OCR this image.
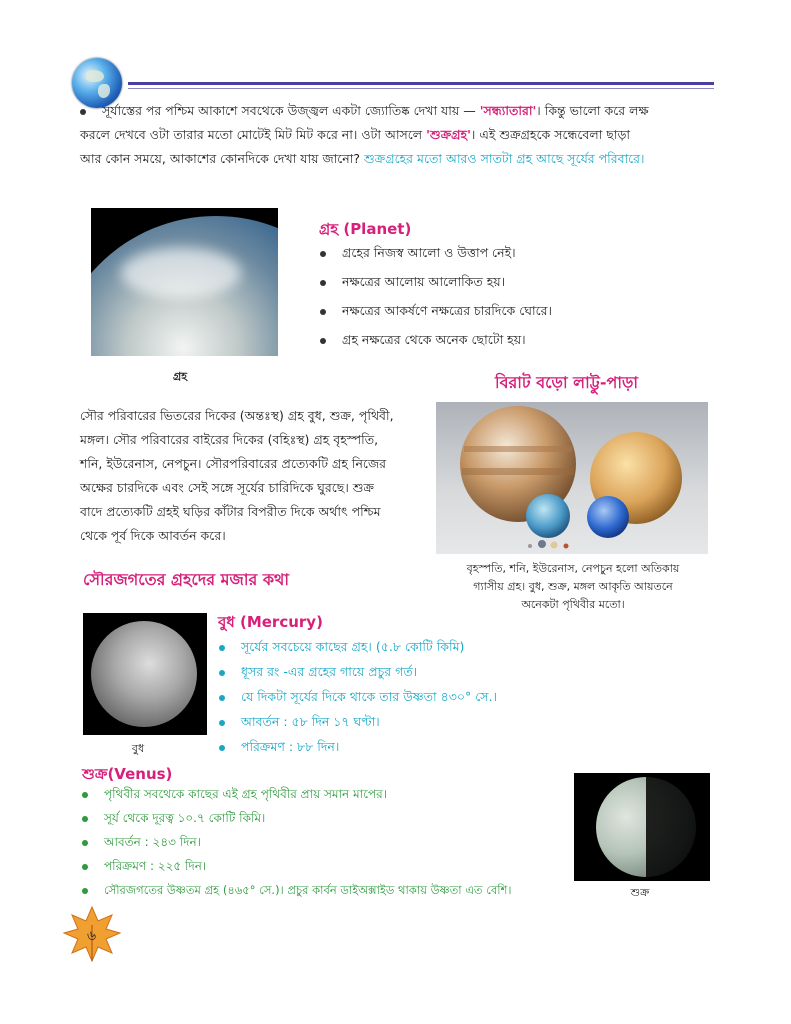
সূর্যাস্তের পর পশ্চিম আকাশে সবথেকে উজ্জ্বল একটা জ্যোতিষ্ক দেখা যায় — 'সন্ধ্যাতারা'। কিন্তু ভালো করে লক্ষ
করলে দেখবে ওটা তারার মতো মোটেই মিট মিট করে না। ওটা আসলে 'শুক্রগ্রহ'। এই শুক্রগ্রহকে সন্ধেবেলা ছাড়া
আর কোন সময়ে, আকাশের কোনদিকে দেখা যায় জানো? শুক্রগ্রহের মতো আরও সাতটা গ্রহ আছে সূর্যের পরিবারে।
গ্রহ
গ্রহ (Planet)
গ্রহের নিজস্ব আলো ও উত্তাপ নেই।
নক্ষত্রের আলোয় আলোকিত হয়।
নক্ষত্রের আকর্ষণে নক্ষত্রের চারদিকে ঘোরে।
গ্রহ নক্ষত্রের থেকে অনেক ছোটো হয়।
বিরাট বড়ো লাট্টু-পাড়া
সৌর পরিবারের ভিতরের দিকের (অন্তঃস্থ) গ্রহ বুধ, শুক্র, পৃথিবী,
মঙ্গল। সৌর পরিবারের বাইরের দিকের (বহিঃস্থ) গ্রহ বৃহস্পতি,
শনি, ইউরেনাস, নেপচুন। সৌরপরিবারের প্রত্যেকটি গ্রহ নিজের
অক্ষের চারদিকে এবং সেই সঙ্গে সূর্যের চারিদিকে ঘুরছে। শুক্র
বাদে প্রত্যেকটি গ্রহই ঘড়ির কাঁটার বিপরীত দিকে অর্থাৎ পশ্চিম
থেকে পূর্ব দিকে আবর্তন করে।
বৃহস্পতি, শনি, ইউরেনাস, নেপচুন হলো অতিকায়
গ্যাসীয় গ্রহ। বুধ, শুক্র, মঙ্গল আকৃতি আয়তনে
অনেকটা পৃথিবীর মতো।
সৌরজগতের গ্রহদের মজার কথা
বুধ
বুধ (Mercury)
সূর্যের সবচেয়ে কাছের গ্রহ। (৫.৮ কোটি কিমি)
ধূসর রং -এর গ্রহের গায়ে প্রচুর গর্ত।
যে দিকটা সূর্যের দিকে থাকে তার উষ্ণতা ৪৩০° সে.।
আবর্তন : ৫৮ দিন ১৭ ঘণ্টা।
পরিক্রমণ : ৮৮ দিন।
শুক্র(Venus)
পৃথিবীর সবথেকে কাছের এই গ্রহ পৃথিবীর প্রায় সমান মাপের।
সূর্য থেকে দূরত্ব ১০.৭ কোটি কিমি।
আবর্তন : ২৪৩ দিন।
পরিক্রমণ : ২২৫ দিন।
সৌরজগতের উষ্ণতম গ্রহ (৪৬৫° সে.)। প্রচুর কার্বন ডাইঅক্সাইড থাকায় উষ্ণতা এত বেশি।	শুক্র
৬
